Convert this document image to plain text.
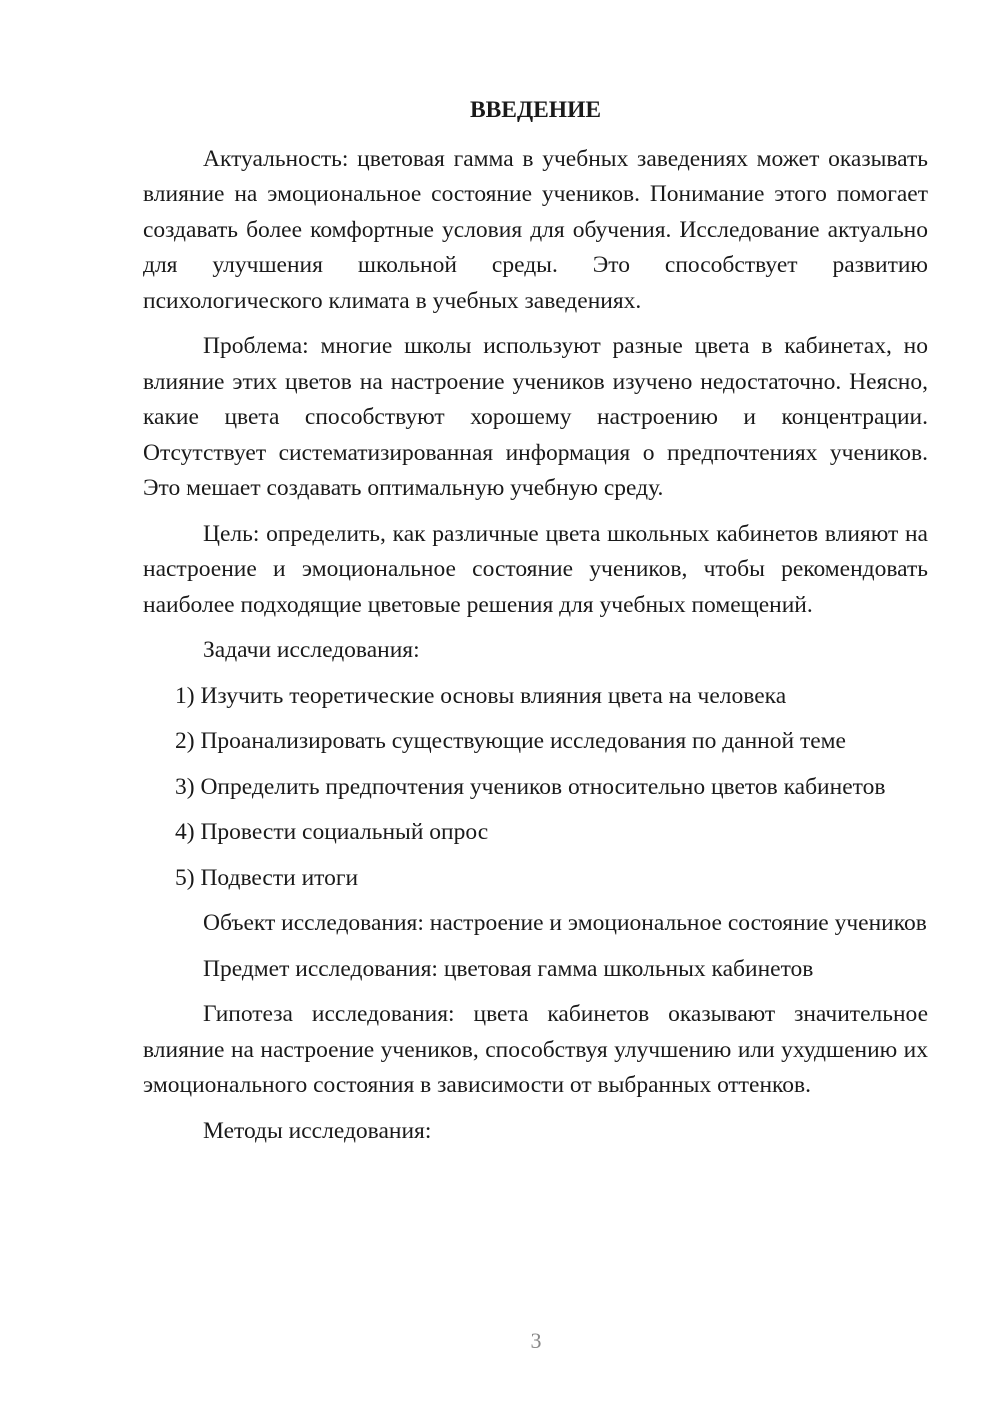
ВВЕДЕНИЕ
Актуальность: цветовая гамма в учебных заведениях может оказывать влияние на эмоциональное состояние учеников. Понимание этого помогает создавать более комфортные условия для обучения. Исследование актуально для улучшения школьной среды. Это способствует развитию психологического климата в учебных заведениях.
Проблема: многие школы используют разные цвета в кабинетах, но влияние этих цветов на настроение учеников изучено недостаточно. Неясно, какие цвета способствуют хорошему настроению и концентрации. Отсутствует систематизированная информация о предпочтениях учеников. Это мешает создавать оптимальную учебную среду.
Цель: определить, как различные цвета школьных кабинетов влияют на настроение и эмоциональное состояние учеников, чтобы рекомендовать наиболее подходящие цветовые решения для учебных помещений.
Задачи исследования:
1) Изучить теоретические основы влияния цвета на человека
2) Проанализировать существующие исследования по данной теме
3) Определить предпочтения учеников относительно цветов кабинетов
4) Провести социальный опрос
5) Подвести итоги
Объект исследования: настроение и эмоциональное состояние учеников
Предмет исследования: цветовая гамма школьных кабинетов
Гипотеза исследования: цвета кабинетов оказывают значительное влияние на настроение учеников, способствуя улучшению или ухудшению их эмоционального состояния в зависимости от выбранных оттенков.
Методы исследования:
3
